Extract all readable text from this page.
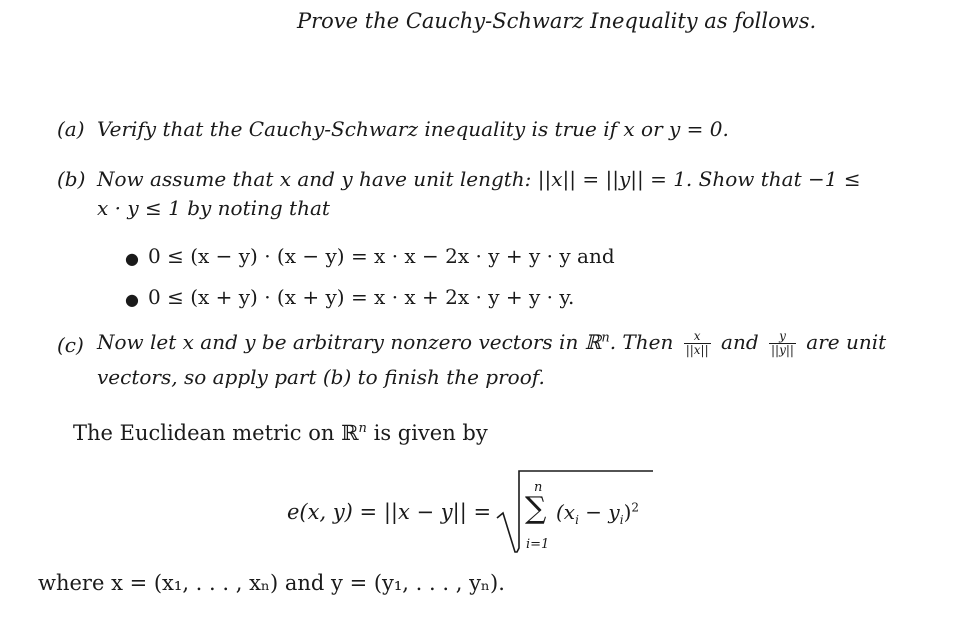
Prove the Cauchy-Schwarz Inequality as follows.
(a) Verify that the Cauchy-Schwarz inequality is true if x or y = 0.
(b) Now assume that x and y have unit length: ||x|| = ||y|| = 1. Show that −1 ≤
x · y ≤ 1 by noting that
● 0 ≤ (x − y) · (x − y) = x · x − 2x · y + y · y and
● 0 ≤ (x + y) · (x + y) = x · x + 2x · y + y · y.
(c) Now let x and y be arbitrary nonzero vectors in ℝ$^n$. Then $\frac{x}{||x||}$ and $\frac{y}{||y||}$ are unit
vectors, so apply part (b) to finish the proof.
The Euclidean metric on ℝ$^n$ is given by
e(x, y) = ||x − y|| =
n
∑
i=1
$(x_i - y_i)^2$
where x = (x₁, . . . , xₙ) and y = (y₁, . . . , yₙ).
